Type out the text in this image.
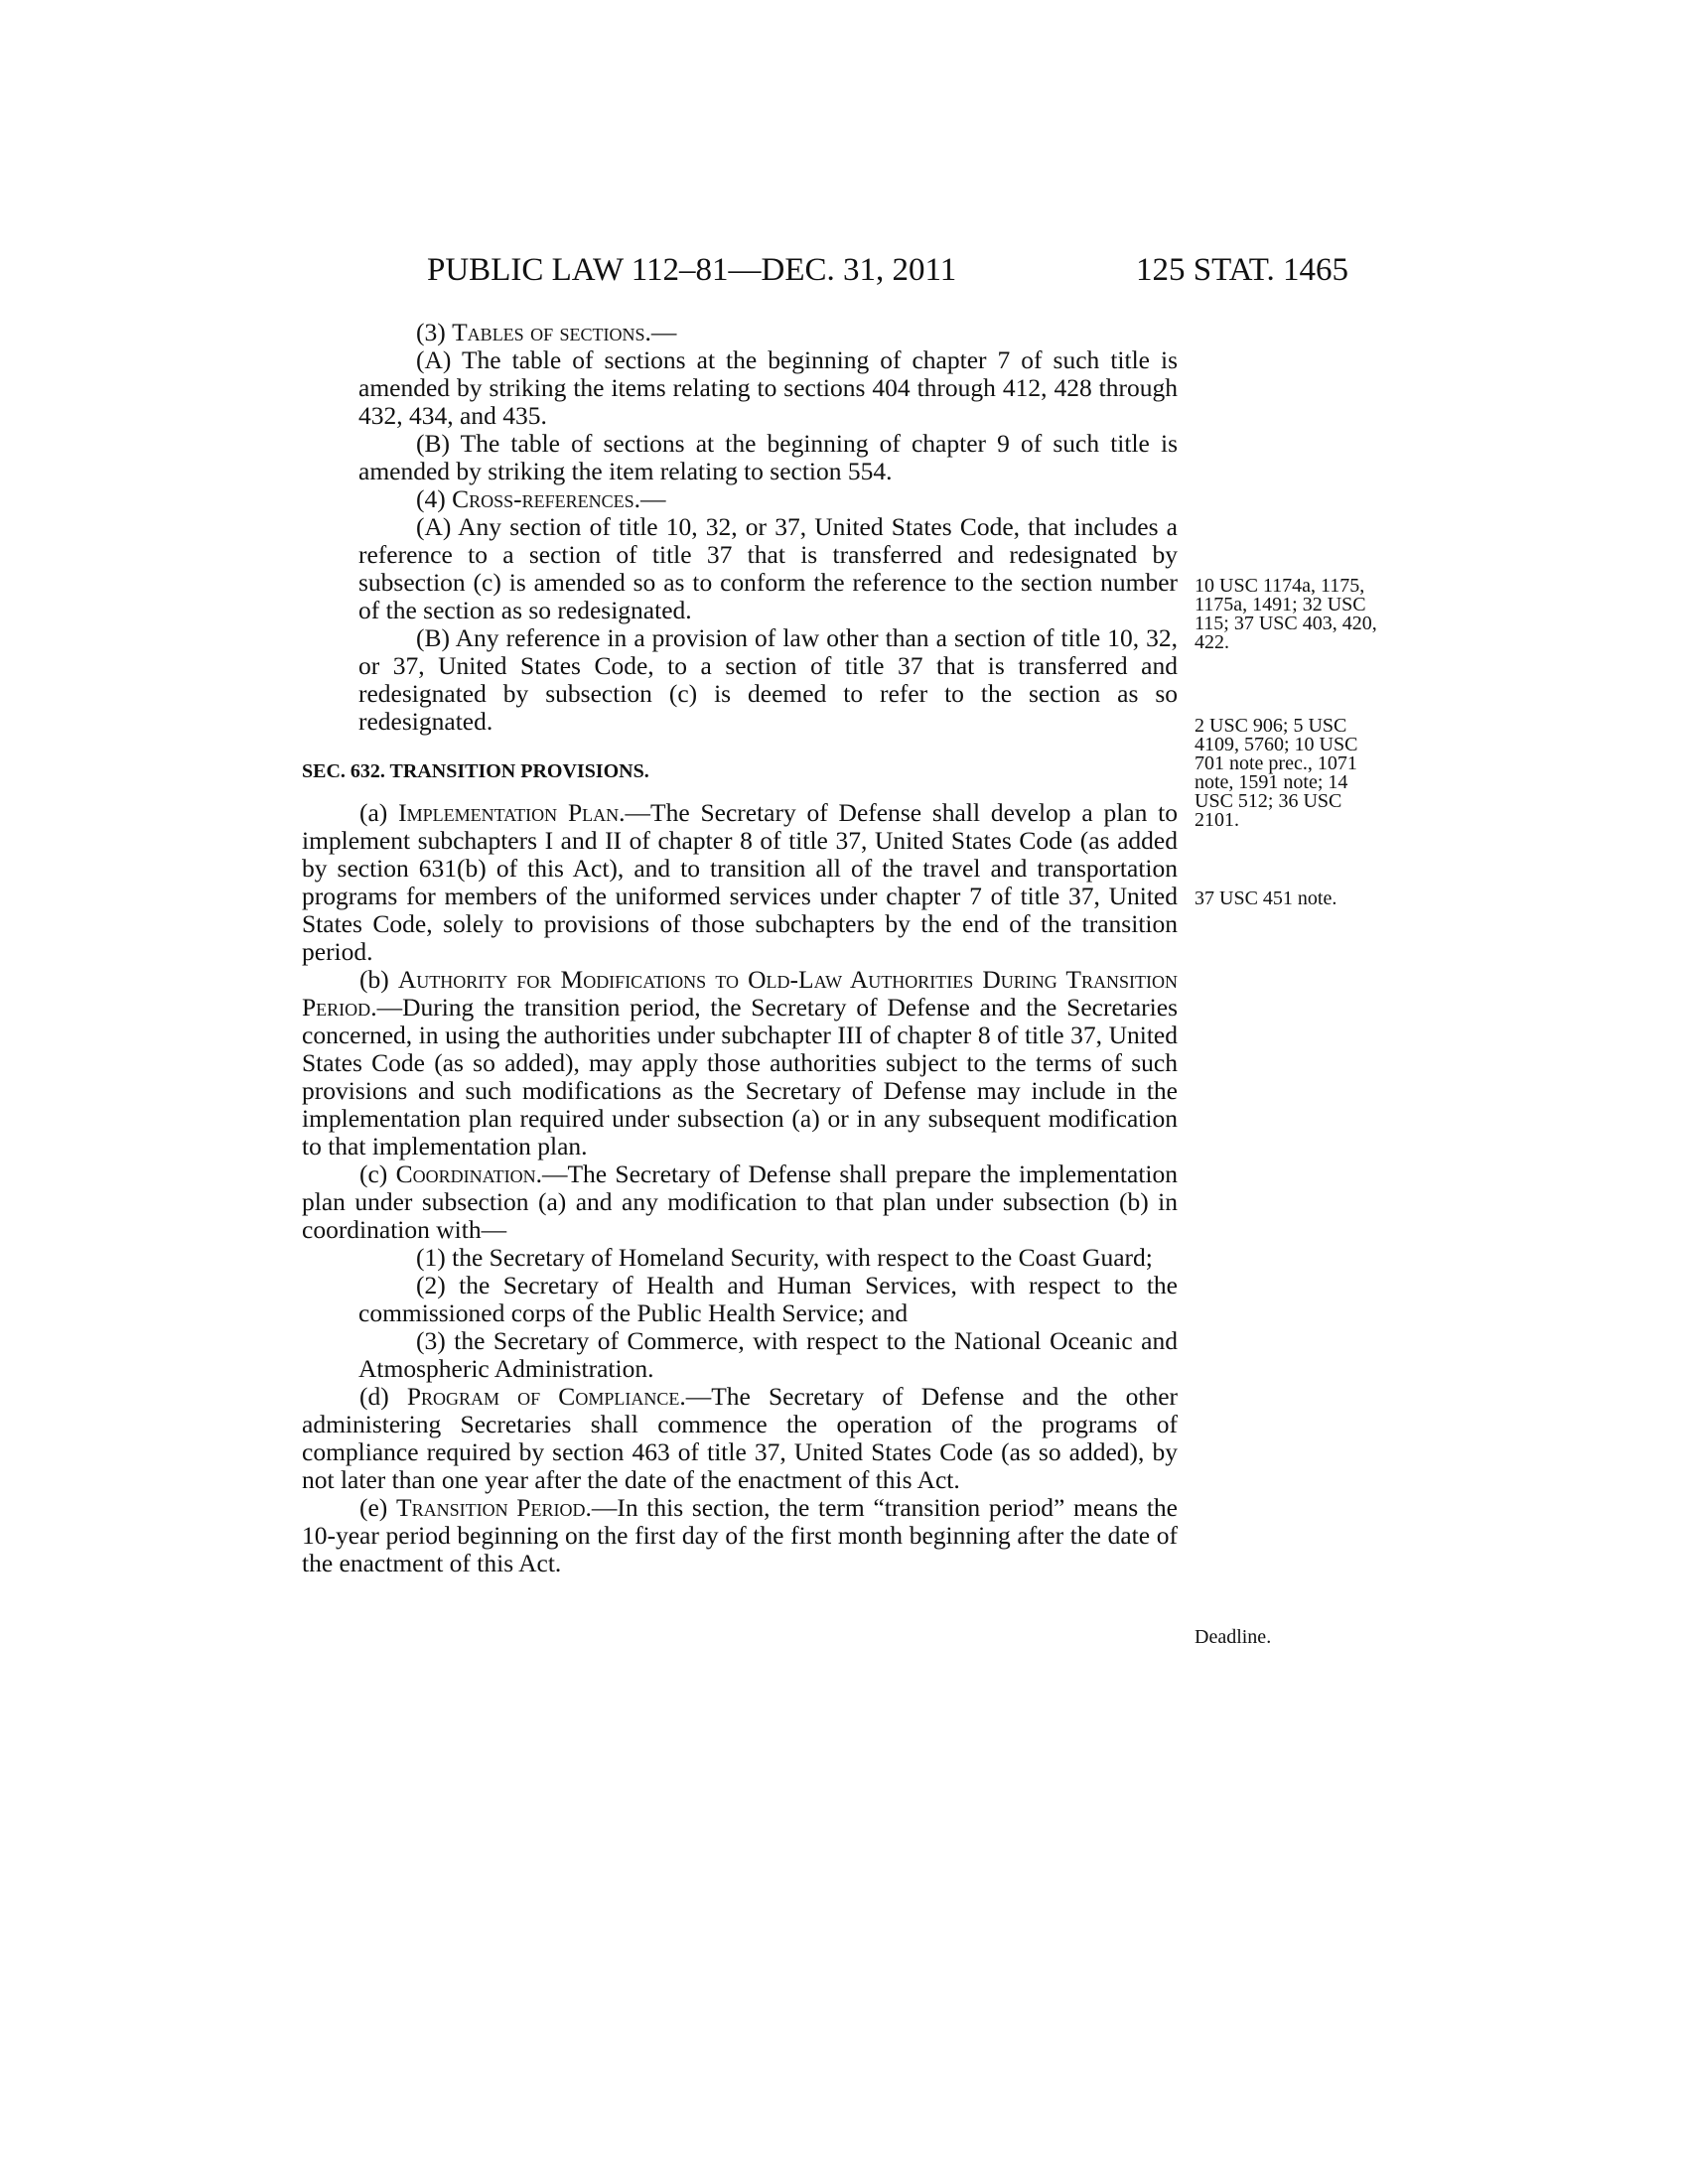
PUBLIC LAW 112–81—DEC. 31, 2011	125 STAT. 1465

(3) Tables of sections.—

(A) The table of sections at the beginning of chapter 7 of such title is amended by striking the items relating to sections 404 through 412, 428 through 432, 434, and 435.

(B) The table of sections at the beginning of chapter 9 of such title is amended by striking the item relating to section 554.

(4) Cross-references.—

(A) Any section of title 10, 32, or 37, United States Code, that includes a reference to a section of title 37 that is transferred and redesignated by subsection (c) is amended so as to conform the reference to the section number of the section as so redesignated.

(B) Any reference in a provision of law other than a section of title 10, 32, or 37, United States Code, to a section of title 37 that is transferred and redesignated by subsection (c) is deemed to refer to the section as so redesignated.

SEC. 632. TRANSITION PROVISIONS.

(a) Implementation Plan.—The Secretary of Defense shall develop a plan to implement subchapters I and II of chapter 8 of title 37, United States Code (as added by section 631(b) of this Act), and to transition all of the travel and transportation programs for members of the uniformed services under chapter 7 of title 37, United States Code, solely to provisions of those subchapters by the end of the transition period.

(b) Authority for Modifications to Old-Law Authorities During Transition Period.—During the transition period, the Secretary of Defense and the Secretaries concerned, in using the authorities under subchapter III of chapter 8 of title 37, United States Code (as so added), may apply those authorities subject to the terms of such provisions and such modifications as the Secretary of Defense may include in the implementation plan required under subsection (a) or in any subsequent modification to that implementation plan.

(c) Coordination.—The Secretary of Defense shall prepare the implementation plan under subsection (a) and any modification to that plan under subsection (b) in coordination with—

(1) the Secretary of Homeland Security, with respect to the Coast Guard;

(2) the Secretary of Health and Human Services, with respect to the commissioned corps of the Public Health Service; and

(3) the Secretary of Commerce, with respect to the National Oceanic and Atmospheric Administration.

(d) Program of Compliance.—The Secretary of Defense and the other administering Secretaries shall commence the operation of the programs of compliance required by section 463 of title 37, United States Code (as so added), by not later than one year after the date of the enactment of this Act.

(e) Transition Period.—In this section, the term “transition period” means the 10-year period beginning on the first day of the first month beginning after the date of the enactment of this Act.

10 USC 1174a, 1175, 1175a, 1491; 32 USC 115; 37 USC 403, 420, 422.
2 USC 906; 5 USC 4109, 5760; 10 USC 701 note prec., 1071 note, 1591 note; 14 USC 512; 36 USC 2101.
37 USC 451 note.
Deadline.
